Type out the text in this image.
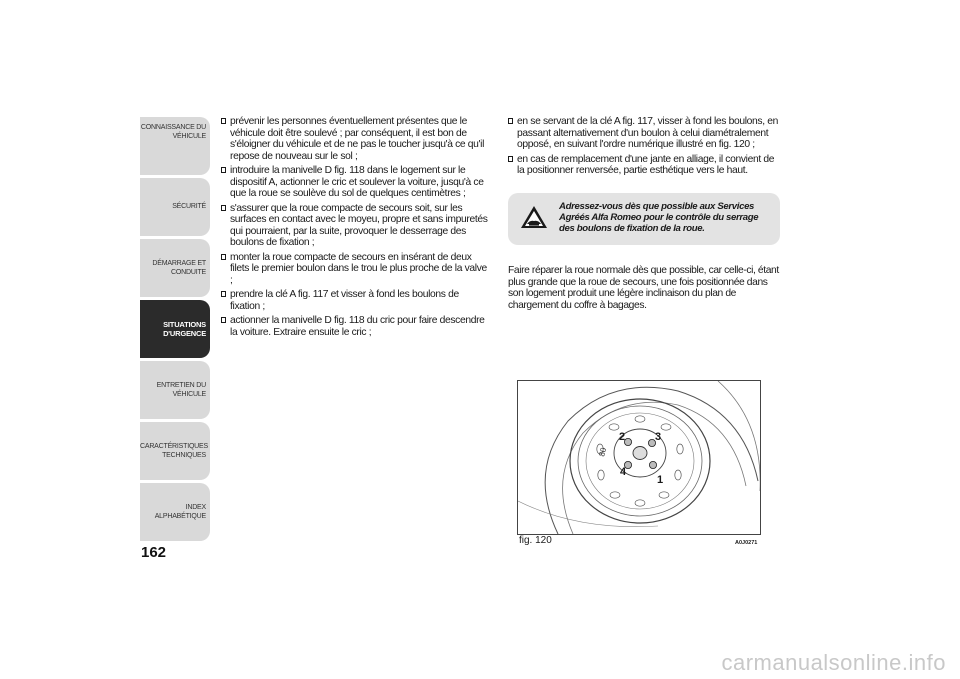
CONNAISSANCE DU
VÉHICULE
SÉCURITÉ
DÉMARRAGE ET
CONDUITE
SITUATIONS
D'URGENCE
ENTRETIEN DU
VÉHICULE
CARACTÉRISTIQUES
TECHNIQUES
INDEX
ALPHABÉTIQUE
162
prévenir les personnes éventuellement présentes que le véhicule doit être soulevé ; par conséquent, il est bon de s'éloigner du véhicule et de ne pas le toucher jusqu'à ce qu'il repose de nouveau sur le sol ;
introduire la manivelle D fig. 118 dans le logement sur le dispositif A, actionner le cric et soulever la voiture, jusqu'à ce que la roue se soulève du sol de quelques centimètres ;
s'assurer que la roue compacte de secours soit, sur les surfaces en contact avec le moyeu, propre et sans impuretés qui pourraient, par la suite, provoquer le desserrage des boulons de fixation ;
monter la roue compacte de secours en insérant de deux filets le premier boulon dans le trou le plus proche de la valve ;
prendre la clé A fig. 117 et visser à fond les boulons de fixation ;
actionner la manivelle D fig. 118 du cric pour faire descendre la voiture. Extraire ensuite le cric ;
en se servant de la clé A fig. 117, visser à fond les boulons, en passant alternativement d'un boulon à celui diamétralement opposé, en suivant l'ordre numérique illustré en fig. 120 ;
en cas de remplacement d'une jante en alliage, il convient de la positionner renversée, partie esthétique vers le haut.
Adressez-vous dès que possible aux Services Agréés Alfa Romeo pour le contrôle du serrage des boulons de fixation de la roue.
Faire réparer la roue normale dès que possible, car celle-ci, étant plus grande que la roue de secours, une fois positionnée dans son logement produit une légère inclinaison du plan de chargement du coffre à bagages.
80
1
2	3
4
fig. 120	A0J0271
carmanualsonline.info
